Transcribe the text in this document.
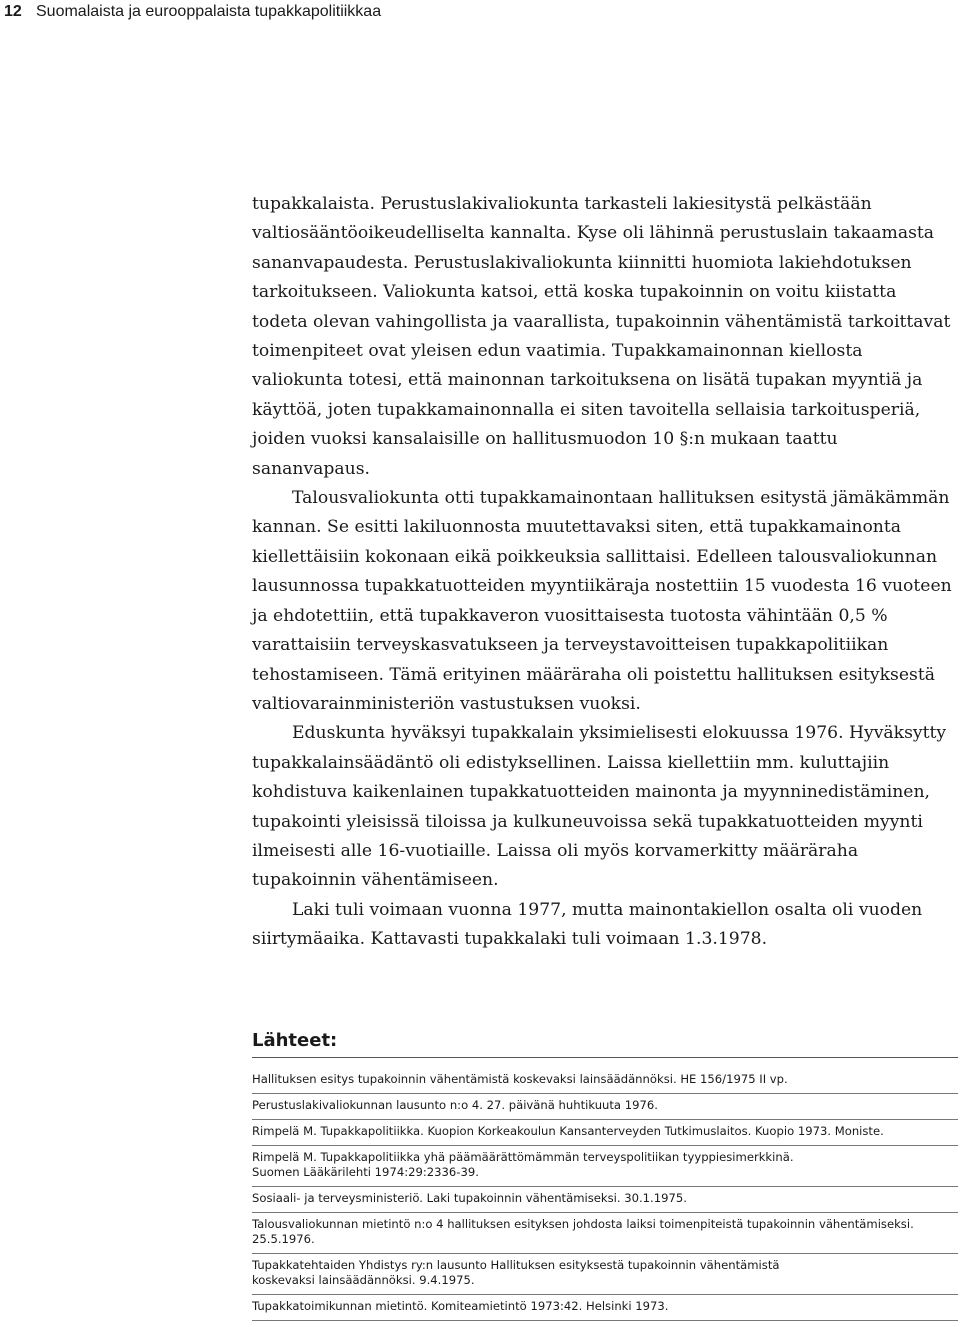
12 Suomalaista ja eurooppalaista tupakkapolitiikkaa

tupakkalaista. Perustuslakivaliokunta tarkasteli lakiesitystä pelkästään valtiosääntöoikeudelliselta kannalta. Kyse oli lähinnä perustuslain takaamasta sananvapaudesta. Perustuslakivaliokunta kiinnitti huomiota lakiehdotuksen tarkoitukseen. Valiokunta katsoi, että koska tupakoinnin on voitu kiistatta todeta olevan vahingollista ja vaarallista, tupakoinnin vähentämistä tarkoittavat toimenpiteet ovat yleisen edun vaatimia. Tupakkamainonnan kiellosta valiokunta totesi, että mainonnan tarkoituksena on lisätä tupakan myyntiä ja käyttöä, joten tupakkamainonnalla ei siten tavoitella sellaisia tarkoitusperiä, joiden vuoksi kansalaisille on hallitusmuodon 10 §:n mukaan taattu sananvapaus.

Talousvaliokunta otti tupakkamainontaan hallituksen esitystä jämäkämmän kannan. Se esitti lakiluonnosta muutettavaksi siten, että tupakkamainonta kiellettäisiin kokonaan eikä poikkeuksia sallittaisi. Edelleen talousvaliokunnan lausunnossa tupakkatuotteiden myyntiikäraja nostettiin 15 vuodesta 16 vuoteen ja ehdotettiin, että tupakkaveron vuosittaisesta tuotosta vähintään 0,5 % varattaisiin terveyskasvatukseen ja terveystavoitteisen tupakkapolitiikan tehostamiseen. Tämä erityinen määräraha oli poistettu hallituksen esityksestä valtiovarainministeriön vastustuksen vuoksi.

Eduskunta hyväksyi tupakkalain yksimielisesti elokuussa 1976. Hyväksytty tupakkalainsäädäntö oli edistyksellinen. Laissa kiellettiin mm. kuluttajiin kohdistuva kaikenlainen tupakkatuotteiden mainonta ja myynninedistäminen, tupakointi yleisissä tiloissa ja kulkuneuvoissa sekä tupakkatuotteiden myynti ilmeisesti alle 16-vuotiaille. Laissa oli myös korvamerkitty määräraha tupakoinnin vähentämiseen.

Laki tuli voimaan vuonna 1977, mutta mainontakiellon osalta oli vuoden siirtymäaika. Kattavasti tupakkalaki tuli voimaan 1.3.1978.

Lähteet:
Hallituksen esitys tupakoinnin vähentämistä koskevaksi lainsäädännöksi. HE 156/1975 II vp.
Perustuslakivaliokunnan lausunto n:o 4. 27. päivänä huhtikuuta 1976.
Rimpelä M. Tupakkapolitiikka. Kuopion Korkeakoulun Kansanterveyden Tutkimuslaitos. Kuopio 1973. Moniste.
Rimpelä M. Tupakkapolitiikka yhä päämäärättömämmän terveyspolitiikan tyyppiesimerkkinä.
Suomen Lääkärilehti 1974:29:2336-39.
Sosiaali- ja terveysministeriö. Laki tupakoinnin vähentämiseksi. 30.1.1975.
Talousvaliokunnan mietintö n:o 4 hallituksen esityksen johdosta laiksi toimenpiteistä tupakoinnin vähentämiseksi.
25.5.1976.
Tupakkatehtaiden Yhdistys ry:n lausunto Hallituksen esityksestä tupakoinnin vähentämistä
koskevaksi lainsäädännöksi. 9.4.1975.
Tupakkatoimikunnan mietintö. Komiteamietintö 1973:42. Helsinki 1973.
